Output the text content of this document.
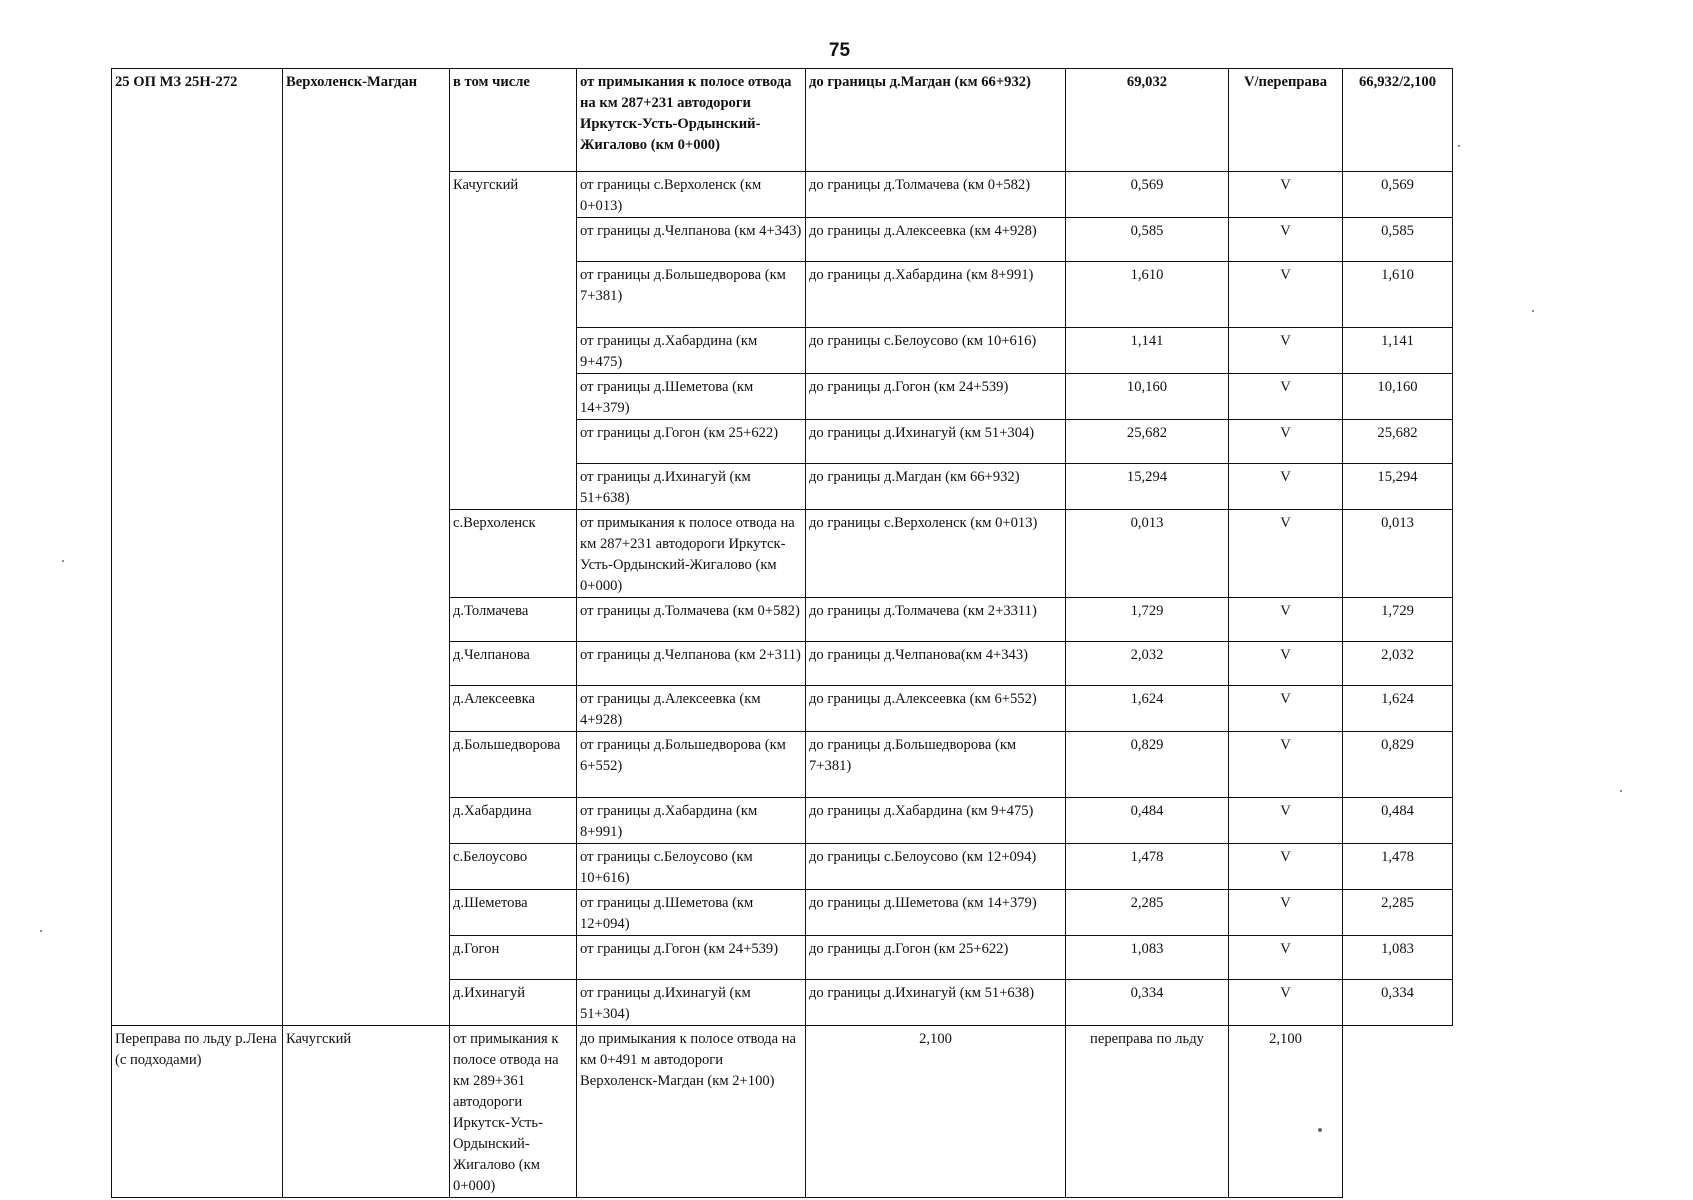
75
25 ОП МЗ 25Н-272	Верхоленск-Магдан	в том числе	от примыкания к полосе отвода на км 287+231 автодороги Иркутск-Усть-Ордынский-Жигалово (км 0+000)	до границы д.Магдан (км 66+932)	69,032	V/переправа	66,932/2,100
		Качугский	от границы с.Верхоленск (км 0+013)	до границы д.Толмачева (км 0+582)	0,569	V	0,569
			от границы д.Челпанова (км 4+343)	до границы д.Алексеевка (км 4+928)	0,585	V	0,585
			от границы д.Большедворова (км 7+381)	до границы д.Хабардина (км 8+991)	1,610	V	1,610
			от границы д.Хабардина (км 9+475)	до границы с.Белоусово (км 10+616)	1,141	V	1,141
			от границы д.Шеметова (км 14+379)	до границы д.Гогон (км 24+539)	10,160	V	10,160
			от границы д.Гогон (км 25+622)	до границы д.Ихинагуй (км 51+304)	25,682	V	25,682
			от границы д.Ихинагуй (км 51+638)	до границы д.Магдан (км 66+932)	15,294	V	15,294
		с.Верхоленск	от примыкания к полосе отвода на км 287+231 автодороги Иркутск-Усть-Ордынский-Жигалово (км 0+000)	до границы с.Верхоленск (км 0+013)	0,013	V	0,013
		д.Толмачева	от границы д.Толмачева (км 0+582)	до границы д.Толмачева (км 2+3311)	1,729	V	1,729
		д.Челпанова	от границы д.Челпанова (км 2+311)	до границы д.Челпанова(км 4+343)	2,032	V	2,032
		д.Алексеевка	от границы д.Алексеевка (км 4+928)	до границы д.Алексеевка (км 6+552)	1,624	V	1,624
		д.Большедворова	от границы д.Большедворова (км 6+552)	до границы д.Большедворова (км 7+381)	0,829	V	0,829
		д.Хабардина	от границы д.Хабардина (км 8+991)	до границы д.Хабардина (км 9+475)	0,484	V	0,484
		с.Белоусово	от границы с.Белоусово (км 10+616)	до границы с.Белоусово (км 12+094)	1,478	V	1,478
		д.Шеметова	от границы д.Шеметова (км 12+094)	до границы д.Шеметова (км 14+379)	2,285	V	2,285
		д.Гогон	от границы д.Гогон (км 24+539)	до границы д.Гогон (км 25+622)	1,083	V	1,083
		д.Ихинагуй	от границы д.Ихинагуй (км 51+304)	до границы д.Ихинагуй (км 51+638)	0,334	V	0,334
Переправа по льду р.Лена (с подходами)	Качугский	от примыкания к полосе отвода на км 289+361 автодороги Иркутск-Усть-Ордынский-Жигалово (км 0+000)	до примыкания к полосе отвода на км 0+491 м автодороги Верхоленск-Магдан (км 2+100)	2,100	переправа по льду	2,100	
